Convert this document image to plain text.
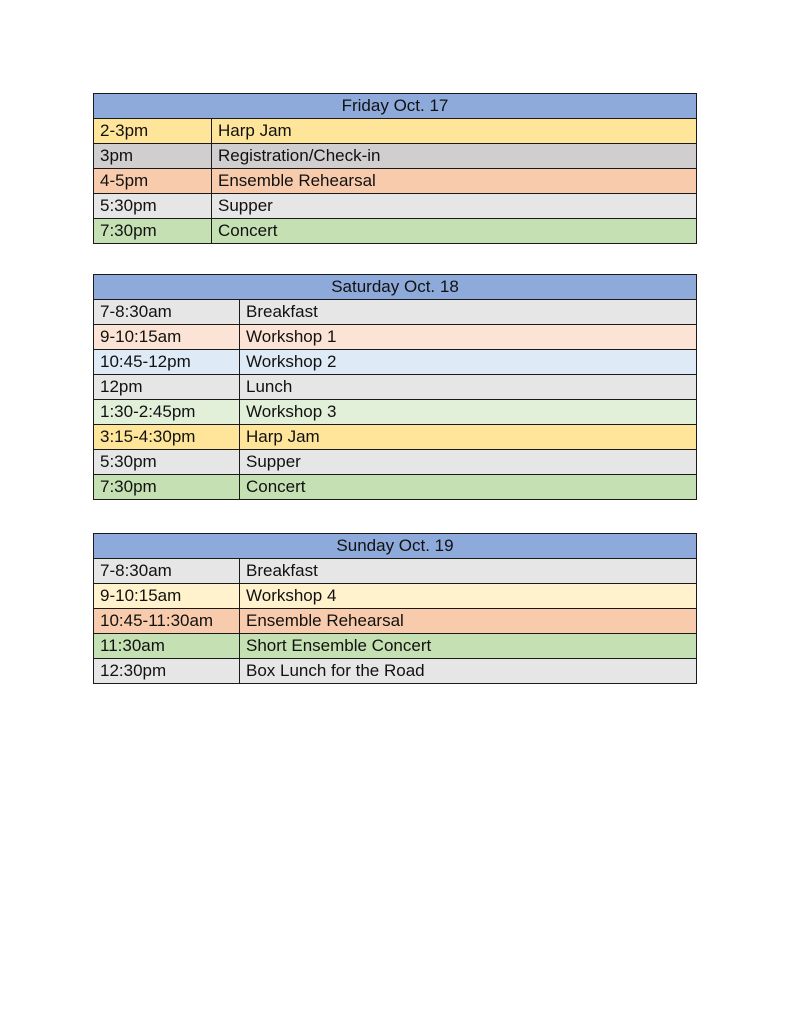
Friday Oct. 17	
2-3pm	Harp Jam
3pm	Registration/Check-in
4-5pm	Ensemble Rehearsal
5:30pm	Supper
7:30pm	Concert
Saturday Oct. 18	
7-8:30am	Breakfast
9-10:15am	Workshop 1
10:45-12pm	Workshop 2
12pm	Lunch
1:30-2:45pm	Workshop 3
3:15-4:30pm	Harp Jam
5:30pm	Supper
7:30pm	Concert
Sunday Oct. 19	
7-8:30am	Breakfast
9-10:15am	Workshop 4
10:45-11:30am	Ensemble Rehearsal
11:30am	Short Ensemble Concert
12:30pm	Box Lunch for the Road
